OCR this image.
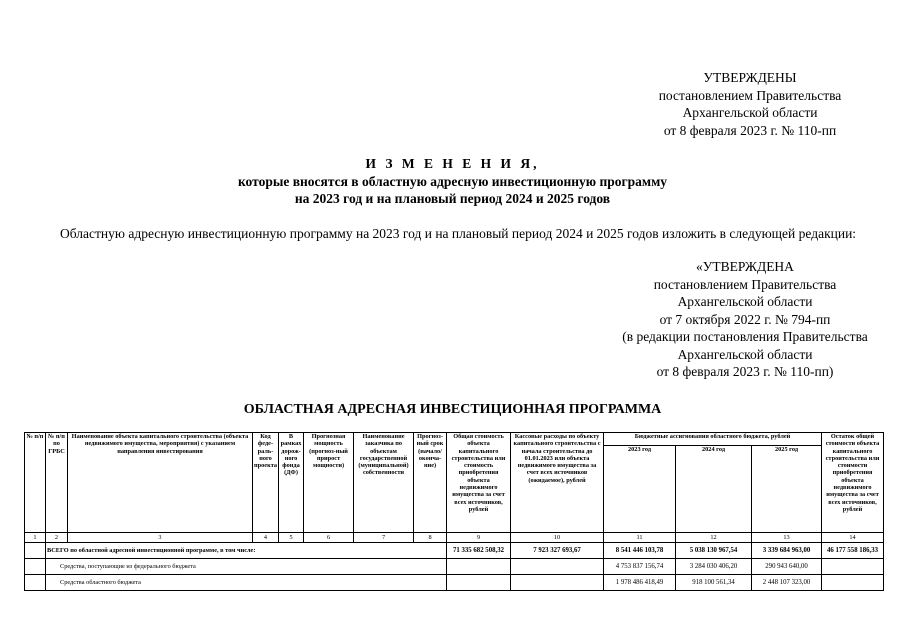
УТВЕРЖДЕНЫ
постановлением Правительства
Архангельской области
от 8 февраля 2023 г. № 110-пп
И З М Е Н Е Н И Я,
которые вносятся в областную адресную инвестиционную программу
на 2023 год и на плановый период 2024 и 2025 годов
Областную адресную инвестиционную программу на 2023 год и на плановый период 2024 и 2025 годов изложить в следующей редакции:
«УТВЕРЖДЕНА
постановлением Правительства
Архангельской области
от 7 октября 2022 г. № 794-пп
(в редакции постановления Правительства
Архангельской области
от 8 февраля 2023 г. № 110-пп)
ОБЛАСТНАЯ АДРЕСНАЯ ИНВЕСТИЦИОННАЯ ПРОГРАММА
№ п/п	№ п/п по ГРБС	Наименование объекта капитального строительства (объекта недвижимого имущества, мероприятия) с указанием направления инвестирования	Код феде-раль-ного проекта	В рамках дорож-ного фонда (ДФ)	Прогнозная мощность (прогноз-ный прирост мощности)	Наименование заказчика по объектам государственной (муниципальной) собственности	Прогноз-ный срок (начало/ оконча-ние)	Общая стоимость объекта капитального строительства или стоимость приобретения объекта недвижимого имущества за счет всех источников, рублей	Кассовые расходы по объекту капитального строительства с начала строительства до 01.01.2023 или объекта недвижимого имущества за счет всех источников (ожидаемое), рублей	Бюджетные ассигнования областного бюджета, рублей			Остаток общей стоимости объекта капитального строительства или стоимости приобретения объекта недвижимого имущества за счет всех источников, рублей
										2023 год	2024 год	2025 год	
1	2	3	4	5	6	7	8	9	10	11	12	13	14
	ВСЕГО по областной адресной инвестиционной программе, в том числе:							71 335 682 508,32	7 923 327 693,67	8 541 446 103,78	5 038 130 967,54	3 339 684 963,00	46 177 558 186,33
	Средства, поступающие из федерального бюджета									4 753 837 156,74	3 284 030 406,20	290 943 640,00	
	Средства областного бюджета									1 978 486 418,49	918 100 561,34	2 448 107 323,00	
